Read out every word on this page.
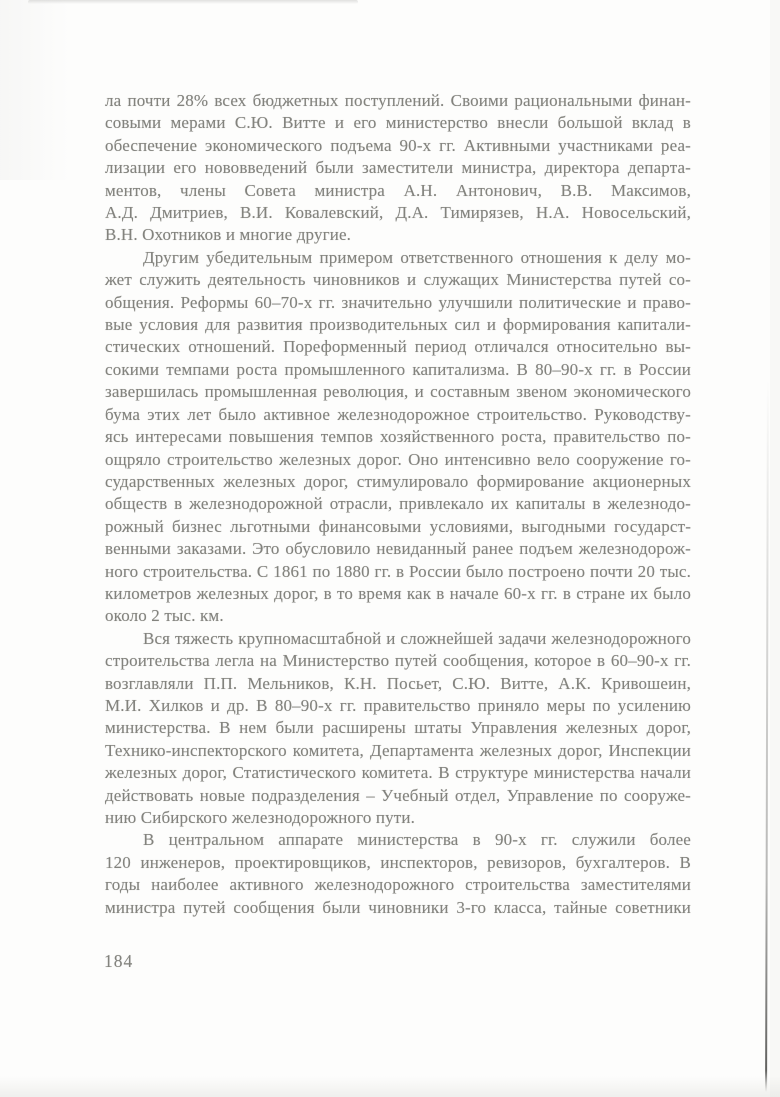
ла почти 28% всех бюджетных поступлений. Своими рациональными финан-
совыми мерами С.Ю. Витте и его министерство внесли большой вклад в
обеспечение экономического подъема 90-х гг. Активными участниками реа-
лизации его нововведений были заместители министра, директора департа-
ментов, члены Совета министра А.Н. Антонович, В.В. Максимов,
А.Д. Дмитриев, В.И. Ковалевский, Д.А. Тимирязев, Н.А. Новосельский,
В.Н. Охотников и многие другие.
Другим убедительным примером ответственного отношения к делу мо-
жет служить деятельность чиновников и служащих Министерства путей со-
общения. Реформы 60–70-х гг. значительно улучшили политические и право-
вые условия для развития производительных сил и формирования капитали-
стических отношений. Пореформенный период отличался относительно вы-
сокими темпами роста промышленного капитализма. В 80–90-х гг. в России
завершилась промышленная революция, и составным звеном экономического
бума этих лет было активное железнодорожное строительство. Руководству-
ясь интересами повышения темпов хозяйственного роста, правительство по-
ощряло строительство железных дорог. Оно интенсивно вело сооружение го-
сударственных железных дорог, стимулировало формирование акционерных
обществ в железнодорожной отрасли, привлекало их капиталы в железнодо-
рожный бизнес льготными финансовыми условиями, выгодными государст-
венными заказами. Это обусловило невиданный ранее подъем железнодорож-
ного строительства. С 1861 по 1880 гг. в России было построено почти 20 тыс.
километров железных дорог, в то время как в начале 60-х гг. в стране их было
около 2 тыс. км.
Вся тяжесть крупномасштабной и сложнейшей задачи железнодорожного
строительства легла на Министерство путей сообщения, которое в 60–90-х гг.
возглавляли П.П. Мельников, К.Н. Посьет, С.Ю. Витте, А.К. Кривошеин,
М.И. Хилков и др. В 80–90-х гг. правительство приняло меры по усилению
министерства. В нем были расширены штаты Управления железных дорог,
Технико-инспекторского комитета, Департамента железных дорог, Инспекции
железных дорог, Статистического комитета. В структуре министерства начали
действовать новые подразделения – Учебный отдел, Управление по сооруже-
нию Сибирского железнодорожного пути.
В центральном аппарате министерства в 90-х гг. служили более
120 инженеров, проектировщиков, инспекторов, ревизоров, бухгалтеров. В
годы наиболее активного железнодорожного строительства заместителями
министра путей сообщения были чиновники 3-го класса, тайные советники
184
